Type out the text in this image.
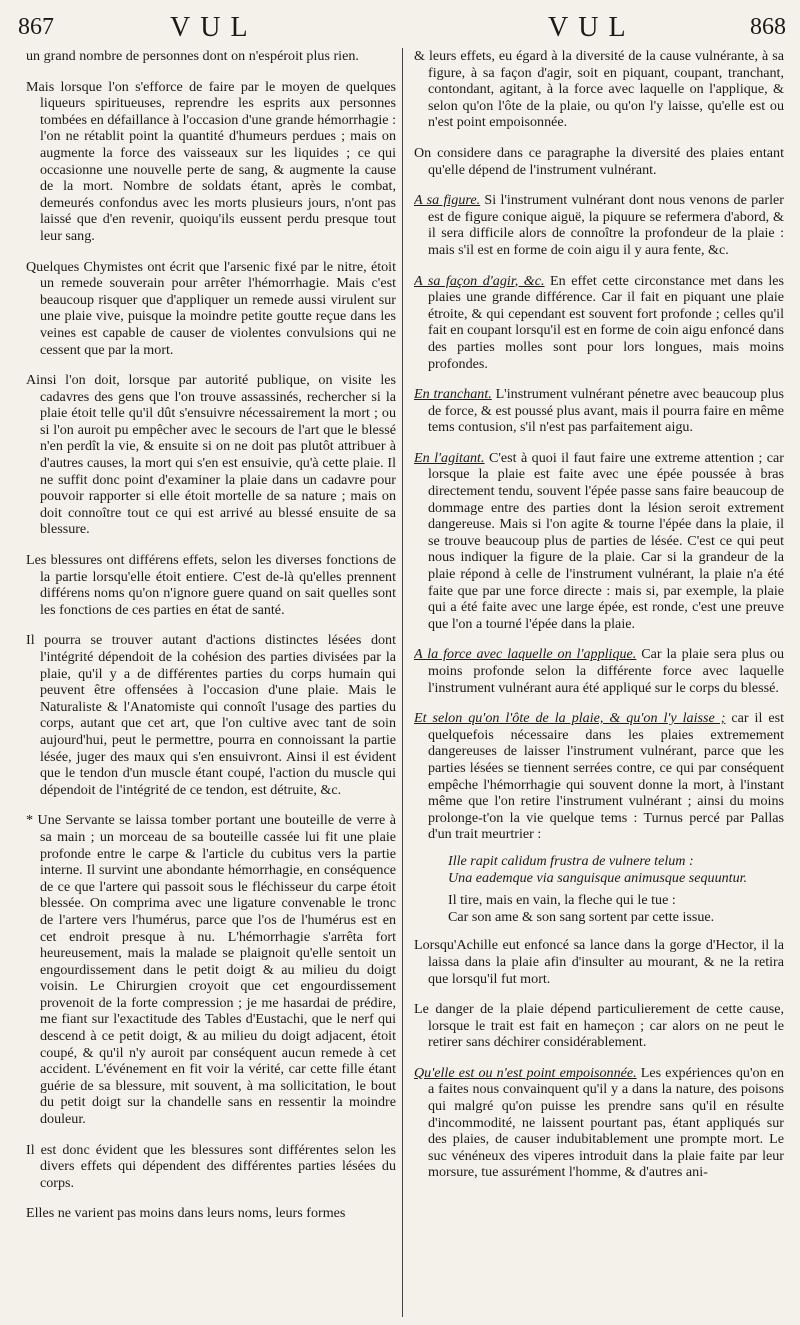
867	VUL	VUL	868

un grand nombre de personnes dont on n'espéroit plus rien.

Mais lorsque l'on s'efforce de faire par le moyen de quelques liqueurs spiritueuses, reprendre les esprits aux personnes tombées en défaillance à l'occasion d'une grande hémorrhagie : l'on ne rétablit point la quantité d'humeurs perdues ; mais on augmente la force des vaisseaux sur les liquides ; ce qui occasionne une nouvelle perte de sang, & augmente la cause de la mort. Nombre de soldats étant, après le combat, demeurés confondus avec les morts plusieurs jours, n'ont pas laissé que d'en revenir, quoiqu'ils eussent perdu presque tout leur sang.

Quelques Chymistes ont écrit que l'arsenic fixé par le nitre, étoit un remede souverain pour arrêter l'hémorrhagie. Mais c'est beaucoup risquer que d'appliquer un remede aussi virulent sur une plaie vive, puisque la moindre petite goutte reçue dans les veines est capable de causer de violentes convulsions qui ne cessent que par la mort.

Ainsi l'on doit, lorsque par autorité publique, on visite les cadavres des gens que l'on trouve assassinés, rechercher si la plaie étoit telle qu'il dût s'ensuivre nécessairement la mort ; ou si l'on auroit pu empêcher avec le secours de l'art que le blessé n'en perdît la vie, & ensuite si on ne doit pas plutôt attribuer à d'autres causes, la mort qui s'en est ensuivie, qu'à cette plaie. Il ne suffit donc point d'examiner la plaie dans un cadavre pour pouvoir rapporter si elle étoit mortelle de sa nature ; mais on doit connoître tout ce qui est arrivé au blessé ensuite de sa blessure.

Les blessures ont différens effets, selon les diverses fonctions de la partie lorsqu'elle étoit entiere. C'est de-là qu'elles prennent différens noms qu'on n'ignore guere quand on sait quelles sont les fonctions de ces parties en état de santé.

Il pourra se trouver autant d'actions distinctes lésées dont l'intégrité dépendoit de la cohésion des parties divisées par la plaie, qu'il y a de différentes parties du corps humain qui peuvent être offensées à l'occasion d'une plaie. Mais le Naturaliste & l'Anatomiste qui connoît l'usage des parties du corps, autant que cet art, que l'on cultive avec tant de soin aujourd'hui, peut le permettre, pourra en connoissant la partie lésée, juger des maux qui s'en ensuivront. Ainsi il est évident que le tendon d'un muscle étant coupé, l'action du muscle qui dépendoit de l'intégrité de ce tendon, est détruite, &c.

* Une Servante se laissa tomber portant une bouteille de verre à sa main ; un morceau de sa bouteille cassée lui fit une plaie profonde entre le carpe & l'article du cubitus vers la partie interne. Il survint une abondante hémorrhagie, en conséquence de ce que l'artere qui passoit sous le fléchisseur du carpe étoit blessée. On comprima avec une ligature convenable le tronc de l'artere vers l'humérus, parce que l'os de l'humérus est en cet endroit presque à nu. L'hémorrhagie s'arrêta fort heureusement, mais la malade se plaignoit qu'elle sentoit un engourdissement dans le petit doigt & au milieu du doigt voisin. Le Chirurgien croyoit que cet engourdissement provenoit de la forte compression ; je me hasardai de prédire, me fiant sur l'exactitude des Tables d'Eustachi, que le nerf qui descend à ce petit doigt, & au milieu du doigt adjacent, étoit coupé, & qu'il n'y auroit par conséquent aucun remede à cet accident. L'événement en fit voir la vérité, car cette fille étant guérie de sa blessure, mit souvent, à ma sollicitation, le bout du petit doigt sur la chandelle sans en ressentir la moindre douleur.

Il est donc évident que les blessures sont différentes selon les divers effets qui dépendent des différentes parties lésées du corps.

Elles ne varient pas moins dans leurs noms, leurs formes

& leurs effets, eu égard à la diversité de la cause vulnérante, à sa figure, à sa façon d'agir, soit en piquant, coupant, tranchant, contondant, agitant, à la force avec laquelle on l'applique, & selon qu'on l'ôte de la plaie, ou qu'on l'y laisse, qu'elle est ou n'est point empoisonnée.

On considere dans ce paragraphe la diversité des plaies entant qu'elle dépend de l'instrument vulnérant.

A sa figure. Si l'instrument vulnérant dont nous venons de parler est de figure conique aiguë, la piquure se refermera d'abord, & il sera difficile alors de connoître la profondeur de la plaie : mais s'il est en forme de coin aigu il y aura fente, &c.

A sa façon d'agir, &c. En effet cette circonstance met dans les plaies une grande différence. Car il fait en piquant une plaie étroite, & qui cependant est souvent fort profonde ; celles qu'il fait en coupant lorsqu'il est en forme de coin aigu enfoncé dans des parties molles sont pour lors longues, mais moins profondes.

En tranchant. L'instrument vulnérant pénetre avec beaucoup plus de force, & est poussé plus avant, mais il pourra faire en même tems contusion, s'il n'est pas parfaitement aigu.

En l'agitant. C'est à quoi il faut faire une extreme attention ; car lorsque la plaie est faite avec une épée poussée à bras directement tendu, souvent l'épée passe sans faire beaucoup de dommage entre des parties dont la lésion seroit extrement dangereuse. Mais si l'on agite & tourne l'épée dans la plaie, il se trouve beaucoup plus de parties de lésée. C'est ce qui peut nous indiquer la figure de la plaie. Car si la grandeur de la plaie répond à celle de l'instrument vulnérant, la plaie n'a été faite que par une force directe : mais si, par exemple, la plaie qui a été faite avec une large épée, est ronde, c'est une preuve que l'on a tourné l'épée dans la plaie.

A la force avec laquelle on l'applique. Car la plaie sera plus ou moins profonde selon la différente force avec laquelle l'instrument vulnérant aura été appliqué sur le corps du blessé.

Et selon qu'on l'ôte de la plaie, & qu'on l'y laisse ; car il est quelquefois nécessaire dans les plaies extremement dangereuses de laisser l'instrument vulnérant, parce que les parties lésées se tiennent serrées contre, ce qui par conséquent empêche l'hémorrhagie qui souvent donne la mort, à l'instant même que l'on retire l'instrument vulnérant ; ainsi du moins prolonge-t'on la vie quelque tems : Turnus percé par Pallas d'un trait meurtrier :

Ille rapit calidum frustra de vulnere telum :
Una eademque via sanguisque animusque sequuntur.
Il tire, mais en vain, la fleche qui le tue :
Car son ame & son sang sortent par cette issue.

Lorsqu'Achille eut enfoncé sa lance dans la gorge d'Hector, il la laissa dans la plaie afin d'insulter au mourant, & ne la retira que lorsqu'il fut mort.

Le danger de la plaie dépend particulierement de cette cause, lorsque le trait est fait en hameçon ; car alors on ne peut le retirer sans déchirer considérablement.

Qu'elle est ou n'est point empoisonnée. Les expériences qu'on en a faites nous convainquent qu'il y a dans la nature, des poisons qui malgré qu'on puisse les prendre sans qu'il en résulte d'incommodité, ne laissent pourtant pas, étant appliqués sur des plaies, de causer indubitablement une prompte mort. Le suc vénéneux des viperes introduit dans la plaie faite par leur morsure, tue assurément l'homme, & d'autres ani-
